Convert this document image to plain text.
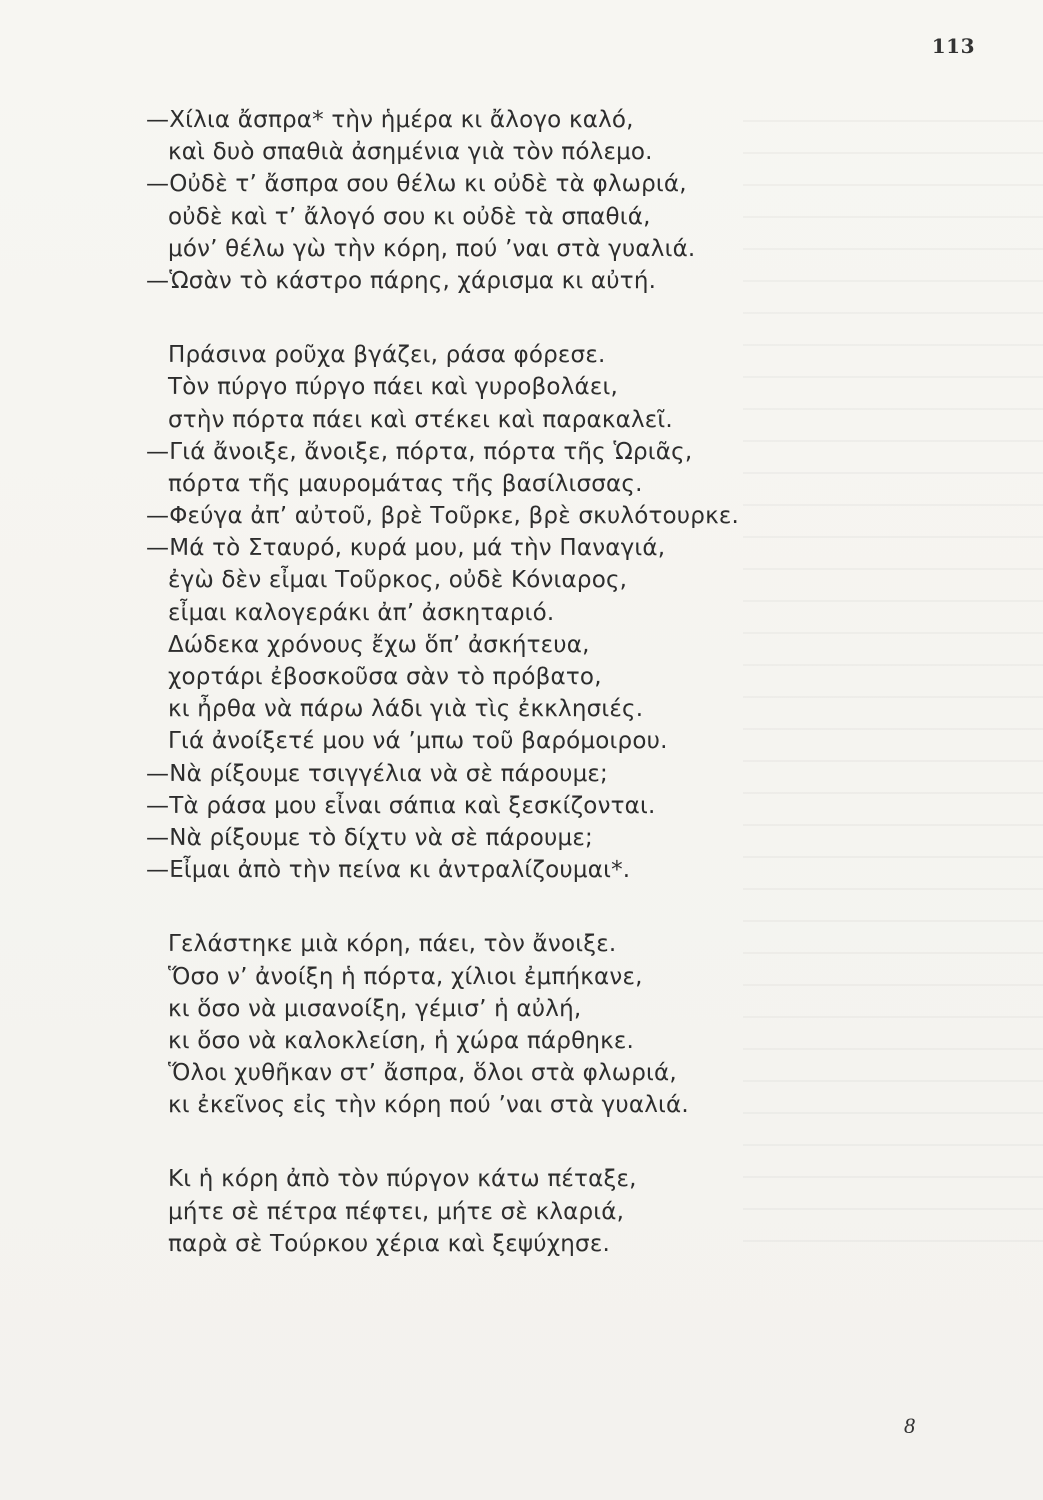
113
—Χίλια ἄσπρα* τὴν ἡμέρα κι ἄλογο καλό,
καὶ δυὸ σπαθιὰ ἀσημένια γιὰ τὸν πόλεμο.
—Οὐδὲ τ’ ἄσπρα σου θέλω κι οὐδὲ τὰ φλωριά,
οὐδὲ καὶ τ’ ἄλογό σου κι οὐδὲ τὰ σπαθιά,
μόν’ θέλω γὼ τὴν κόρη, πού ’ναι στὰ γυαλιά.
—Ὡσὰν τὸ κάστρο πάρης, χάρισμα κι αὐτή.
Πράσινα ροῦχα βγάζει, ράσα φόρεσε.
Τὸν πύργο πύργο πάει καὶ γυροβολάει,
στὴν πόρτα πάει καὶ στέκει καὶ παρακαλεῖ.
—Γιά ἄνοιξε, ἄνοιξε, πόρτα, πόρτα τῆς Ὡριᾶς,
πόρτα τῆς μαυρομάτας τῆς βασίλισσας.
—Φεύγα ἀπ’ αὐτοῦ, βρὲ Τοῦρκε, βρὲ σκυλότουρκε.
—Μά τὸ Σταυρό, κυρά μου, μά τὴν Παναγιά,
ἐγὼ δὲν εἶμαι Τοῦρκος, οὐδὲ Κόνιαρος,
εἶμαι καλογεράκι ἀπ’ ἀσκηταριό.
Δώδεκα χρόνους ἔχω ὅπ’ ἀσκήτευα,
χορτάρι ἐβοσκοῦσα σὰν τὸ πρόβατο,
κι ἦρθα νὰ πάρω λάδι γιὰ τὶς ἐκκλησιές.
Γιά ἀνοίξετέ μου νά ’μπω τοῦ βαρόμοιρου.
—Νὰ ρίξουμε τσιγγέλια νὰ σὲ πάρουμε;
—Τὰ ράσα μου εἶναι σάπια καὶ ξεσκίζονται.
—Νὰ ρίξουμε τὸ δίχτυ νὰ σὲ πάρουμε;
—Εἶμαι ἀπὸ τὴν πείνα κι ἀντραλίζουμαι*.
Γελάστηκε μιὰ κόρη, πάει, τὸν ἄνοιξε.
Ὅσο ν’ ἀνοίξη ἡ πόρτα, χίλιοι ἐμπήκανε,
κι ὅσο νὰ μισανοίξη, γέμισ’ ἡ αὐλή,
κι ὅσο νὰ καλοκλείση, ἡ χώρα πάρθηκε.
Ὅλοι χυθῆκαν στ’ ἄσπρα, ὅλοι στὰ φλωριά,
κι ἐκεῖνος εἰς τὴν κόρη πού ’ναι στὰ γυαλιά.
Κι ἡ κόρη ἀπὸ τὸν πύργον κάτω πέταξε,
μήτε σὲ πέτρα πέφτει, μήτε σὲ κλαριά,
παρὰ σὲ Τούρκου χέρια καὶ ξεψύχησε.
8
